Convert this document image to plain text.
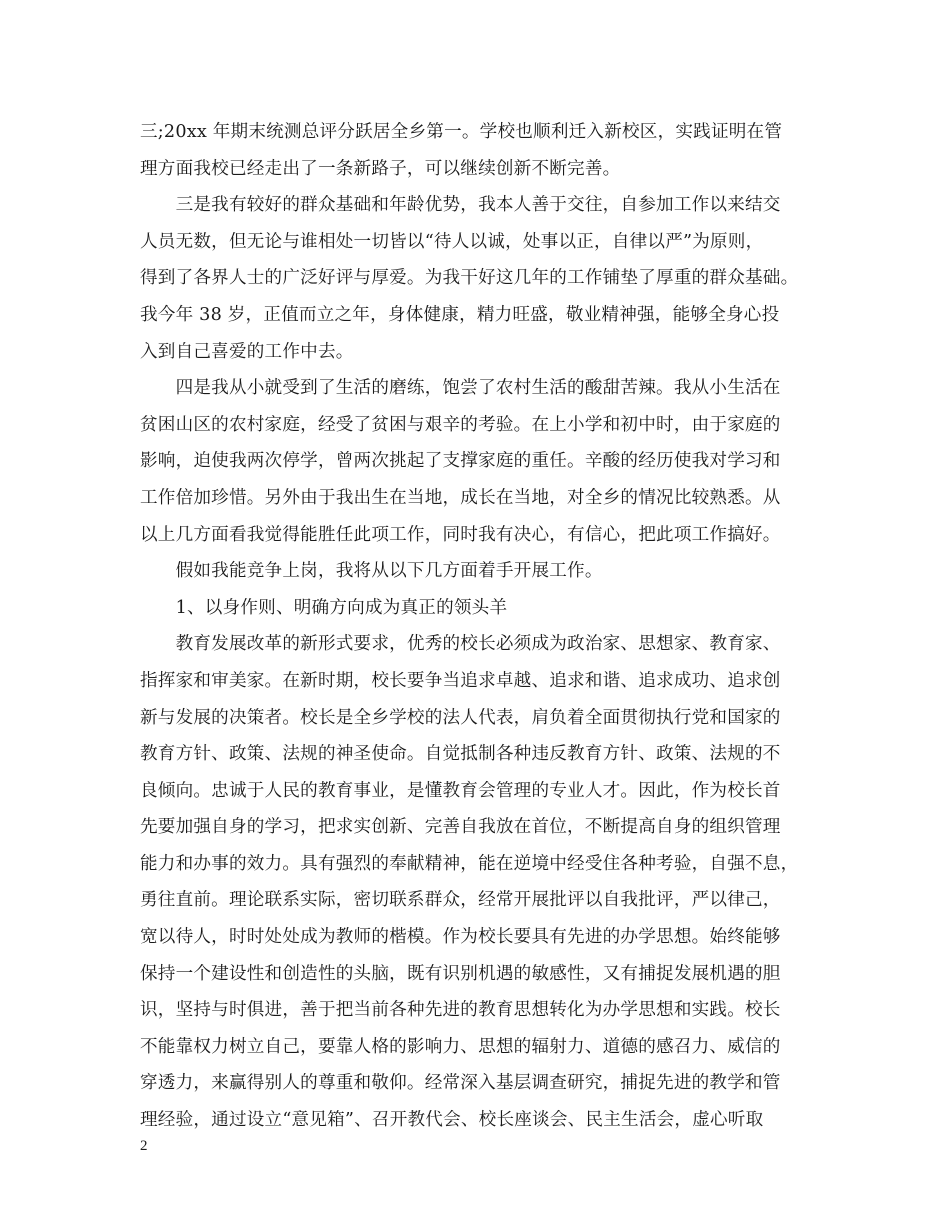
三;20xx 年期末统测总评分跃居全乡第一。学校也顺利迁入新校区，实践证明在管
理方面我校已经走出了一条新路子，可以继续创新不断完善。
　　三是我有较好的群众基础和年龄优势，我本人善于交往，自参加工作以来结交
人员无数，但无论与谁相处一切皆以“待人以诚，处事以正，自律以严”为原则，
得到了各界人士的广泛好评与厚爱。为我干好这几年的工作铺垫了厚重的群众基础。
我今年 38 岁，正值而立之年，身体健康，精力旺盛，敬业精神强，能够全身心投
入到自己喜爱的工作中去。
　　四是我从小就受到了生活的磨练，饱尝了农村生活的酸甜苦辣。我从小生活在
贫困山区的农村家庭，经受了贫困与艰辛的考验。在上小学和初中时，由于家庭的
影响，迫使我两次停学，曾两次挑起了支撑家庭的重任。辛酸的经历使我对学习和
工作倍加珍惜。另外由于我出生在当地，成长在当地，对全乡的情况比较熟悉。从
以上几方面看我觉得能胜任此项工作，同时我有决心，有信心，把此项工作搞好。
　　假如我能竞争上岗，我将从以下几方面着手开展工作。
　　1、以身作则、明确方向成为真正的领头羊
　　教育发展改革的新形式要求，优秀的校长必须成为政治家、思想家、教育家、
指挥家和审美家。在新时期，校长要争当追求卓越、追求和谐、追求成功、追求创
新与发展的决策者。校长是全乡学校的法人代表，肩负着全面贯彻执行党和国家的
教育方针、政策、法规的神圣使命。自觉抵制各种违反教育方针、政策、法规的不
良倾向。忠诚于人民的教育事业，是懂教育会管理的专业人才。因此，作为校长首
先要加强自身的学习，把求实创新、完善自我放在首位，不断提高自身的组织管理
能力和办事的效力。具有强烈的奉献精神，能在逆境中经受住各种考验，自强不息，
勇往直前。理论联系实际，密切联系群众，经常开展批评以自我批评，严以律己，
宽以待人，时时处处成为教师的楷模。作为校长要具有先进的办学思想。始终能够
保持一个建设性和创造性的头脑，既有识别机遇的敏感性，又有捕捉发展机遇的胆
识，坚持与时俱进，善于把当前各种先进的教育思想转化为办学思想和实践。校长
不能靠权力树立自己，要靠人格的影响力、思想的辐射力、道德的感召力、威信的
穿透力，来赢得别人的尊重和敬仰。经常深入基层调查研究，捕捉先进的教学和管
理经验，通过设立“意见箱”、召开教代会、校长座谈会、民主生活会，虚心听取
2
